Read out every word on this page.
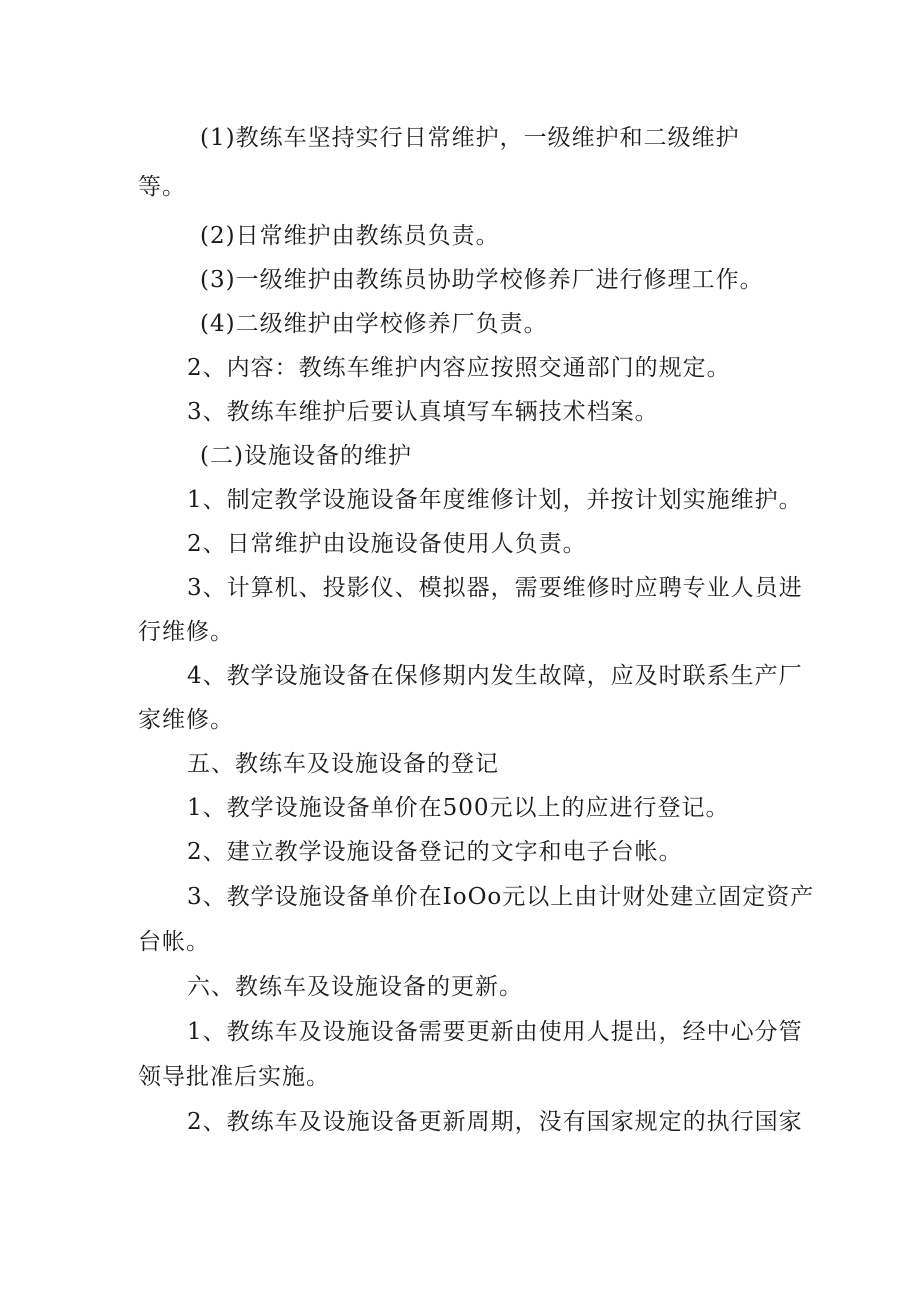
(1)教练车坚持实行日常维护，一级维护和二级维护
等。
(2)日常维护由教练员负责。
(3)一级维护由教练员协助学校修养厂进行修理工作。
(4)二级维护由学校修养厂负责。
2、内容：教练车维护内容应按照交通部门的规定。
3、教练车维护后要认真填写车辆技术档案。
(二)设施设备的维护
1、制定教学设施设备年度维修计划，并按计划实施维护。
2、日常维护由设施设备使用人负责。
3、计算机、投影仪、模拟器，需要维修时应聘专业人员进
行维修。
4、教学设施设备在保修期内发生故障，应及时联系生产厂
家维修。
五、教练车及设施设备的登记
1、教学设施设备单价在500元以上的应进行登记。
2、建立教学设施设备登记的文字和电子台帐。
3、教学设施设备单价在IoOo元以上由计财处建立固定资产
台帐。
六、教练车及设施设备的更新。
1、教练车及设施设备需要更新由使用人提出，经中心分管
领导批准后实施。
2、教练车及设施设备更新周期，没有国家规定的执行国家
